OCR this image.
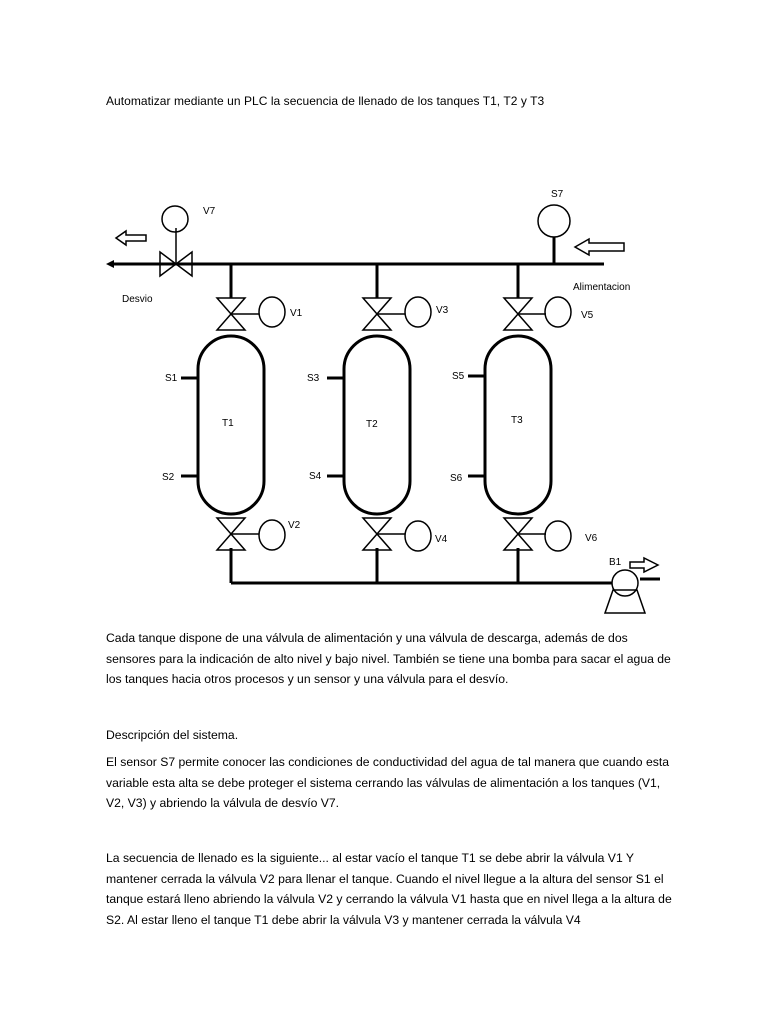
Automatizar mediante un PLC la secuencia de llenado de los tanques T1, T2 y T3
V7
S7
Desvio
Alimentacion
V1	V3	V5
S1
S2
S3
S4
S5
S6
T1	T2	T3
V2
V4	V6
B1

Cada tanque dispone de una válvula de alimentación y una válvula de descarga, además de dos sensores para la indicación de alto nivel y bajo nivel. También se tiene una bomba para sacar el agua de los tanques hacia otros procesos y un sensor y una válvula para el desvío.

Descripción del sistema.

El sensor S7 permite conocer las condiciones de conductividad del agua de tal manera que cuando esta variable esta alta se debe proteger el sistema cerrando las válvulas de alimentación a los tanques (V1, V2, V3) y abriendo la válvula de desvío V7.

La secuencia de llenado es la siguiente... al estar vacío el tanque T1 se debe abrir la válvula V1 Y mantener cerrada la válvula V2 para llenar el tanque. Cuando el nivel llegue a la altura del sensor S1 el tanque estará lleno abriendo la válvula V2 y cerrando la válvula V1 hasta que en nivel llega a la altura de S2. Al estar lleno el tanque T1 debe abrir la válvula V3 y mantener cerrada la válvula V4
